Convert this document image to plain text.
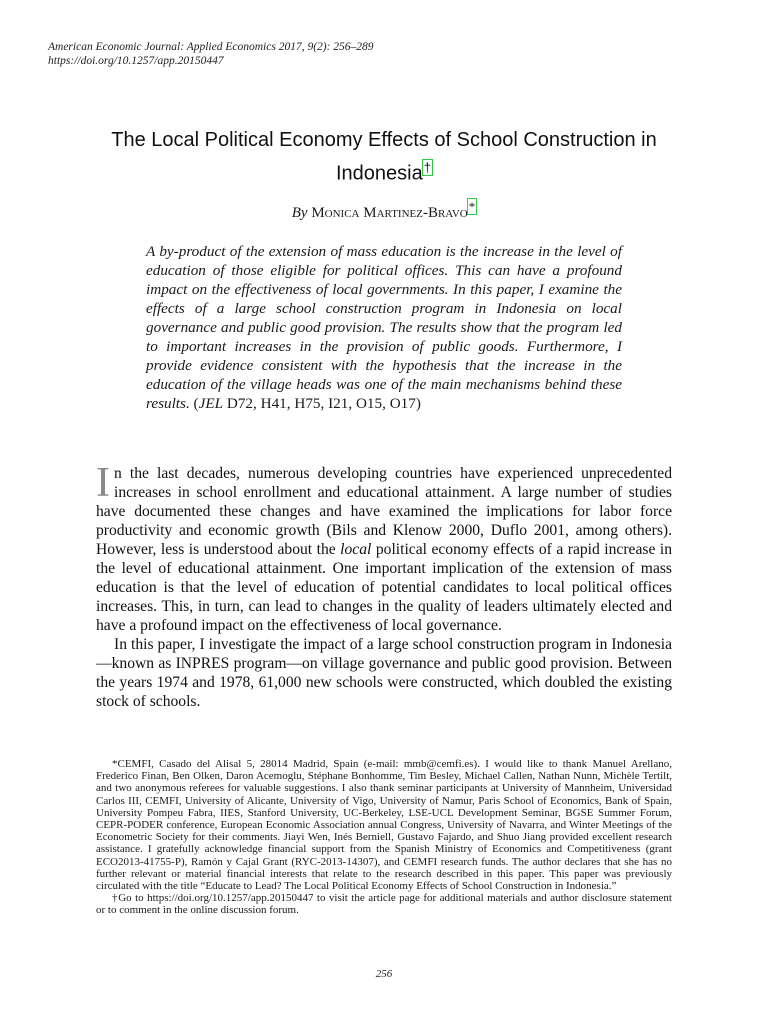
American Economic Journal: Applied Economics 2017, 9(2): 256–289
https://doi.org/10.1257/app.20150447
The Local Political Economy Effects of School Construction in Indonesia†
By Monica Martinez-Bravo*
A by-product of the extension of mass education is the increase in the level of education of those eligible for political offices. This can have a profound impact on the effectiveness of local governments. In this paper, I examine the effects of a large school construction program in Indonesia on local governance and public good provision. The results show that the program led to important increases in the provision of public goods. Furthermore, I provide evidence consistent with the hypothesis that the increase in the education of the village heads was one of the main mechanisms behind these results. (JEL D72, H41, H75, I21, O15, O17)

In the last decades, numerous developing countries have experienced unprecedented increases in school enrollment and educational attainment. A large number of studies have documented these changes and have examined the implications for labor force productivity and economic growth (Bils and Klenow 2000, Duflo 2001, among others). However, less is understood about the local political economy effects of a rapid increase in the level of educational attainment. One important implication of the extension of mass education is that the level of education of potential candidates to local political offices increases. This, in turn, can lead to changes in the quality of leaders ultimately elected and have a profound impact on the effectiveness of local governance.

In this paper, I investigate the impact of a large school construction program in Indonesia—known as INPRES program—on village governance and public good provision. Between the years 1974 and 1978, 61,000 new schools were constructed, which doubled the existing stock of schools.

*CEMFI, Casado del Alisal 5, 28014 Madrid, Spain (e-mail: mmb@cemfi.es). I would like to thank Manuel Arellano, Frederico Finan, Ben Olken, Daron Acemoglu, Stéphane Bonhomme, Tim Besley, Michael Callen, Nathan Nunn, Michèle Tertilt, and two anonymous referees for valuable suggestions. I also thank seminar participants at University of Mannheim, Universidad Carlos III, CEMFI, University of Alicante, University of Vigo, University of Namur, Paris School of Economics, Bank of Spain, University Pompeu Fabra, IIES, Stanford University, UC-Berkeley, LSE-UCL Development Seminar, BGSE Summer Forum, CEPR-PODER conference, European Economic Association annual Congress, University of Navarra, and Winter Meetings of the Econometric Society for their comments. Jiayi Wen, Inés Berniell, Gustavo Fajardo, and Shuo Jiang provided excellent research assistance. I gratefully acknowledge financial support from the Spanish Ministry of Economics and Competitiveness (grant ECO2013-41755-P), Ramón y Cajal Grant (RYC-2013-14307), and CEMFI research funds. The author declares that she has no further relevant or material financial interests that relate to the research described in this paper. This paper was previously circulated with the title “Educate to Lead? The Local Political Economy Effects of School Construction in Indonesia.”

†Go to https://doi.org/10.1257/app.20150447 to visit the article page for additional materials and author disclosure statement or to comment in the online discussion forum.

256
